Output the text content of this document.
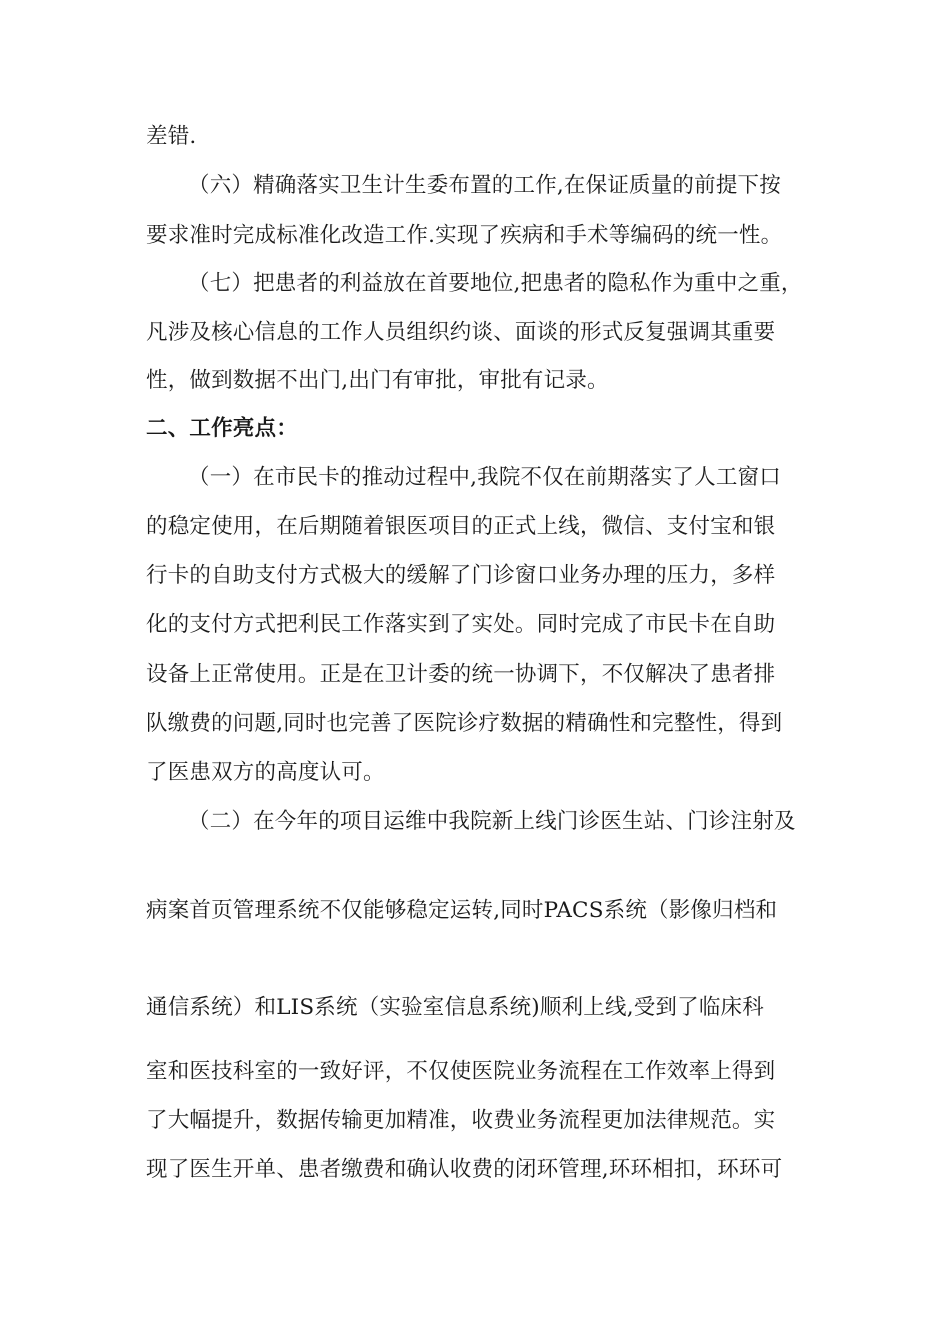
差错.
（六）精确落实卫生计生委布置的工作,在保证质量的前提下按
要求准时完成标准化改造工作.实现了疾病和手术等编码的统一性。
（七）把患者的利益放在首要地位,把患者的隐私作为重中之重，
凡涉及核心信息的工作人员组织约谈、面谈的形式反复强调其重要
性，做到数据不出门,出门有审批，审批有记录。
二、工作亮点：
（一）在市民卡的推动过程中,我院不仅在前期落实了人工窗口
的稳定使用，在后期随着银医项目的正式上线，微信、支付宝和银
行卡的自助支付方式极大的缓解了门诊窗口业务办理的压力，多样
化的支付方式把利民工作落实到了实处。同时完成了市民卡在自助
设备上正常使用。正是在卫计委的统一协调下，不仅解决了患者排
队缴费的问题,同时也完善了医院诊疗数据的精确性和完整性，得到
了医患双方的高度认可。
（二）在今年的项目运维中我院新上线门诊医生站、门诊注射及
病案首页管理系统不仅能够稳定运转,同时PACS系统（影像归档和
通信系统）和LIS系统（实验室信息系统)顺利上线,受到了临床科
室和医技科室的一致好评，不仅使医院业务流程在工作效率上得到
了大幅提升，数据传输更加精准，收费业务流程更加法律规范。实
现了医生开单、患者缴费和确认收费的闭环管理,环环相扣，环环可
